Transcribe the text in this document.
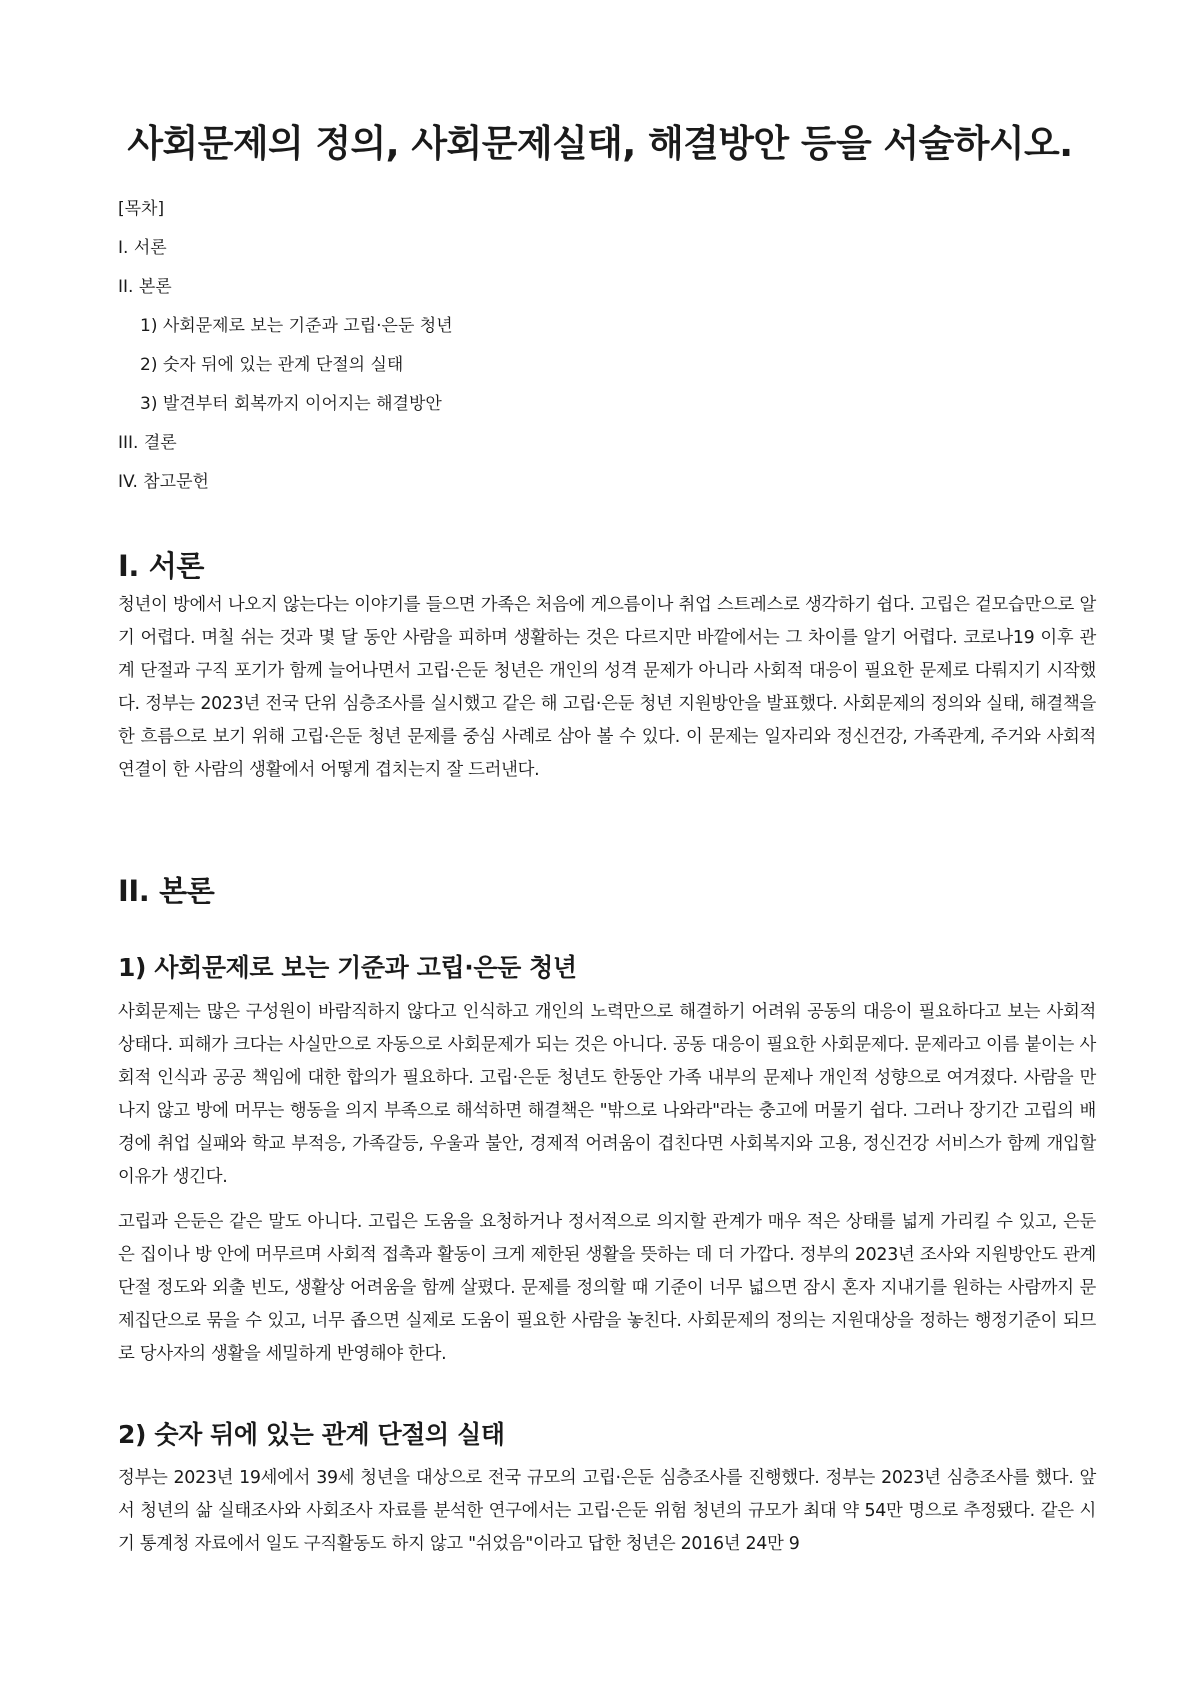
사회문제의 정의, 사회문제실태, 해결방안 등을 서술하시오.
[목차]
I. 서론
II. 본론
1) 사회문제로 보는 기준과 고립·은둔 청년
2) 숫자 뒤에 있는 관계 단절의 실태
3) 발견부터 회복까지 이어지는 해결방안
III. 결론
IV. 참고문헌
I. 서론

청년이 방에서 나오지 않는다는 이야기를 들으면 가족은 처음에 게으름이나 취업 스트레스로 생각하기 쉽다. 고립은 겉모습만으로 알기 어렵다. 며칠 쉬는 것과 몇 달 동안 사람을 피하며 생활하는 것은 다르지만 바깥에서는 그 차이를 알기 어렵다. 코로나19 이후 관계 단절과 구직 포기가 함께 늘어나면서 고립·은둔 청년은 개인의 성격 문제가 아니라 사회적 대응이 필요한 문제로 다뤄지기 시작했다. 정부는 2023년 전국 단위 심층조사를 실시했고 같은 해 고립·은둔 청년 지원방안을 발표했다. 사회문제의 정의와 실태, 해결책을 한 흐름으로 보기 위해 고립·은둔 청년 문제를 중심 사례로 삼아 볼 수 있다. 이 문제는 일자리와 정신건강, 가족관계, 주거와 사회적 연결이 한 사람의 생활에서 어떻게 겹치는지 잘 드러낸다.

II. 본론
1) 사회문제로 보는 기준과 고립·은둔 청년

사회문제는 많은 구성원이 바람직하지 않다고 인식하고 개인의 노력만으로 해결하기 어려워 공동의 대응이 필요하다고 보는 사회적 상태다. 피해가 크다는 사실만으로 자동으로 사회문제가 되는 것은 아니다. 공동 대응이 필요한 사회문제다. 문제라고 이름 붙이는 사회적 인식과 공공 책임에 대한 합의가 필요하다. 고립·은둔 청년도 한동안 가족 내부의 문제나 개인적 성향으로 여겨졌다. 사람을 만나지 않고 방에 머무는 행동을 의지 부족으로 해석하면 해결책은 "밖으로 나와라"라는 충고에 머물기 쉽다. 그러나 장기간 고립의 배경에 취업 실패와 학교 부적응, 가족갈등, 우울과 불안, 경제적 어려움이 겹친다면 사회복지와 고용, 정신건강 서비스가 함께 개입할 이유가 생긴다.

고립과 은둔은 같은 말도 아니다. 고립은 도움을 요청하거나 정서적으로 의지할 관계가 매우 적은 상태를 넓게 가리킬 수 있고, 은둔은 집이나 방 안에 머무르며 사회적 접촉과 활동이 크게 제한된 생활을 뜻하는 데 더 가깝다. 정부의 2023년 조사와 지원방안도 관계 단절 정도와 외출 빈도, 생활상 어려움을 함께 살폈다. 문제를 정의할 때 기준이 너무 넓으면 잠시 혼자 지내기를 원하는 사람까지 문제집단으로 묶을 수 있고, 너무 좁으면 실제로 도움이 필요한 사람을 놓친다. 사회문제의 정의는 지원대상을 정하는 행정기준이 되므로 당사자의 생활을 세밀하게 반영해야 한다.

2) 숫자 뒤에 있는 관계 단절의 실태

정부는 2023년 19세에서 39세 청년을 대상으로 전국 규모의 고립·은둔 심층조사를 진행했다. 정부는 2023년 심층조사를 했다. 앞서 청년의 삶 실태조사와 사회조사 자료를 분석한 연구에서는 고립·은둔 위험 청년의 규모가 최대 약 54만 명으로 추정됐다. 같은 시기 통계청 자료에서 일도 구직활동도 하지 않고 "쉬었음"이라고 답한 청년은 2016년 24만 9
